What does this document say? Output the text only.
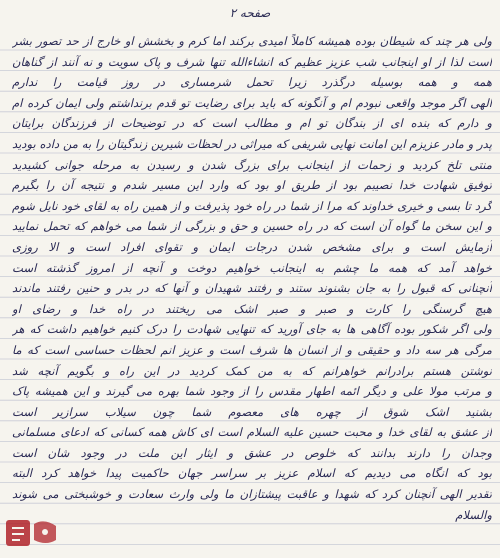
صفحه ۲
ولی هر چند که شیطان بوده همیشه کاملاً امیدی برکند اما کرم و بخشش او خارج از حد تصور بشر
است لذا از او اینجانب شب عزیز عظیم که انشاءالله تنها شرف و پاک سویت و نه آنند از گناهان
همه و همه بوسیله درگذرد زیرا تحمل شرمساری در روز قیامت را ندارم
الهی اگر موجد واقعی نبودم ام و آنگونه که باید برای رضایت تو قدم برنداشتم ولی ایمان کرده ام
و دارم که بنده ای از بندگان تو ام و مطالب است که در توضیحات از فرزندگان برایتان
پدر و مادر عزیزم این امانت نهایی شریفی که میراثی در لحظات شیرین زندگیتان را به من داده بودید
منتی تلخ کردید و زحمات از اینجانب برای بزرگ شدن و رسیدن به مرحله جوانی کشیدید
توفیق شهادت خدا نصیبم بود از طریق او بود که وارد این مسیر شدم و نتیجه آن را بگیرم
گرد تا بسی و خیری خداوند که مرا از شما در راه خود پذیرفت و از همین راه به لقای خود نایل شوم
و این سخن ما گواه آن است که در راه حسین و حق و بزرگی از شما می خواهم که تحمل نمایید
آزمایش است و برای مشخص شدن درجات ایمان و تقوای افراد است و الا روزی
خواهد آمد که همه ما چشم به اینجانب خواهیم دوخت و آنچه از امروز گذشته است
آنچنانی که قبول را به جان بشنوند ستند و رفتند شهیدان و آنها که در بدر و حنین رفتند ماندند
هیچ گرسنگی را کارت و صبر و صبر اشک می ریختند در راه خدا و رضای او
ولی اگر شکور بوده آگاهی ها به جای آورید که تنهایی شهادت را درک کنیم خواهیم داشت که هر
مرگی هر سه داد و حقیقی و از انسان ها شرف است و عزیز انم لحظات حساسی است که ما
نوشتن هستم برادرانم خواهرانم که به من کمک کردید در این راه و بگویم آنچه شد
و مرتب مولا علی و دیگر ائمه اطهار مقدس را از وجود شما بهره می گیرند و این همیشه پاک
بشنید اشک شوق از چهره های معصوم شما چون سیلاب سرازیر است
از عشق به لقای خدا و محبت حسین علیه السلام است ای کاش همه کسانی که ادعای مسلمانی
وجدان را دارند بدانند که خلوص در عشق و ایثار این ملت در وجود شان است
بود که انگاه می دیدیم که اسلام عزیز بر سراسر جهان حاکمیت پیدا خواهد کرد البته
تقدیر الهی آنچنان کرد که شهدا و عاقبت پیشتازان ما ولی وارث سعادت و خوشبختی می شوند
والسلام
